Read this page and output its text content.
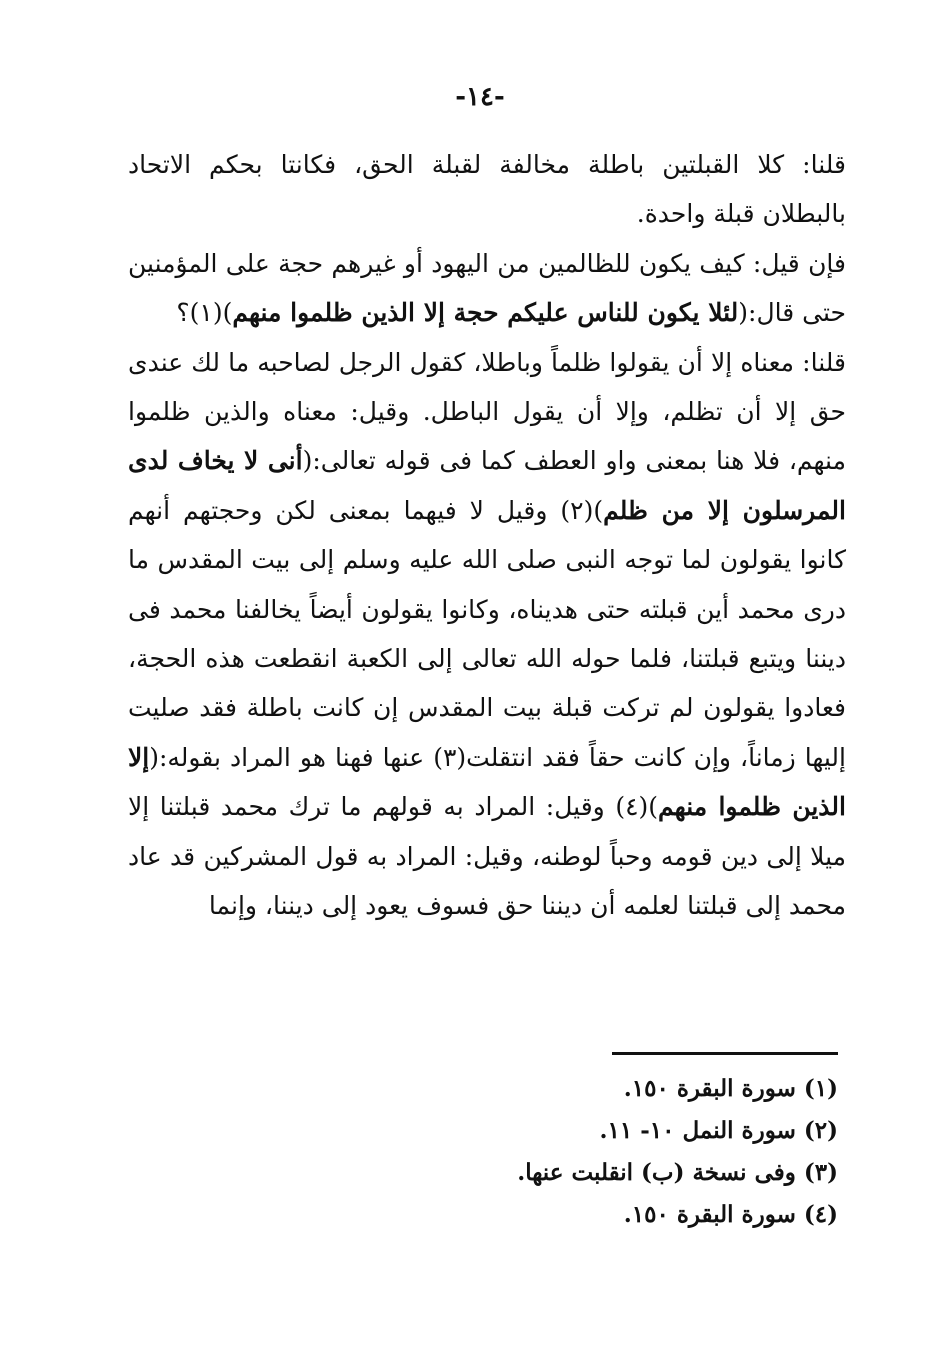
-١٤-

قلنا: كلا القبلتين باطلة مخالفة لقبلة الحق، فكانتا بحكم الاتحاد بالبطلان قبلة واحدة.

فإن قيل: كيف يكون للظالمين من اليهود أو غيرهم حجة على المؤمنين حتى قال:(لئلا يكون للناس عليكم حجة إلا الذين ظلموا منهم)(١)؟

قلنا: معناه إلا أن يقولوا ظلماً وباطلا، كقول الرجل لصاحبه ما لك عندى حق إلا أن تظلم، وإلا أن يقول الباطل. وقيل: معناه والذين ظلموا منهم، فلا هنا بمعنى واو العطف كما فى قوله تعالى:(أنى لا يخاف لدى المرسلون إلا من ظلم)(٢) وقيل لا فيهما بمعنى لكن وحجتهم أنهم كانوا يقولون لما توجه النبى صلى الله عليه وسلم إلى بيت المقدس ما درى محمد أين قبلته حتى هديناه، وكانوا يقولون أيضاً يخالفنا محمد فى ديننا ويتبع قبلتنا، فلما حوله الله تعالى إلى الكعبة انقطعت هذه الحجة، فعادوا يقولون لم تركت قبلة بيت المقدس إن كانت باطلة فقد صليت إليها زماناً، وإن كانت حقاً فقد انتقلت(٣) عنها فهنا هو المراد بقوله:(إلا الذين ظلموا منهم)(٤) وقيل: المراد به قولهم ما ترك محمد قبلتنا إلا ميلا إلى دين قومه وحباً لوطنه، وقيل: المراد به قول المشركين قد عاد محمد إلى قبلتنا لعلمه أن ديننا حق فسوف يعود إلى ديننا، وإنما

(١) سورة البقرة ١٥٠.

(٢) سورة النمل ١٠- ١١.

(٣) وفى نسخة (ب) انقلبت عنها.

(٤) سورة البقرة ١٥٠.
